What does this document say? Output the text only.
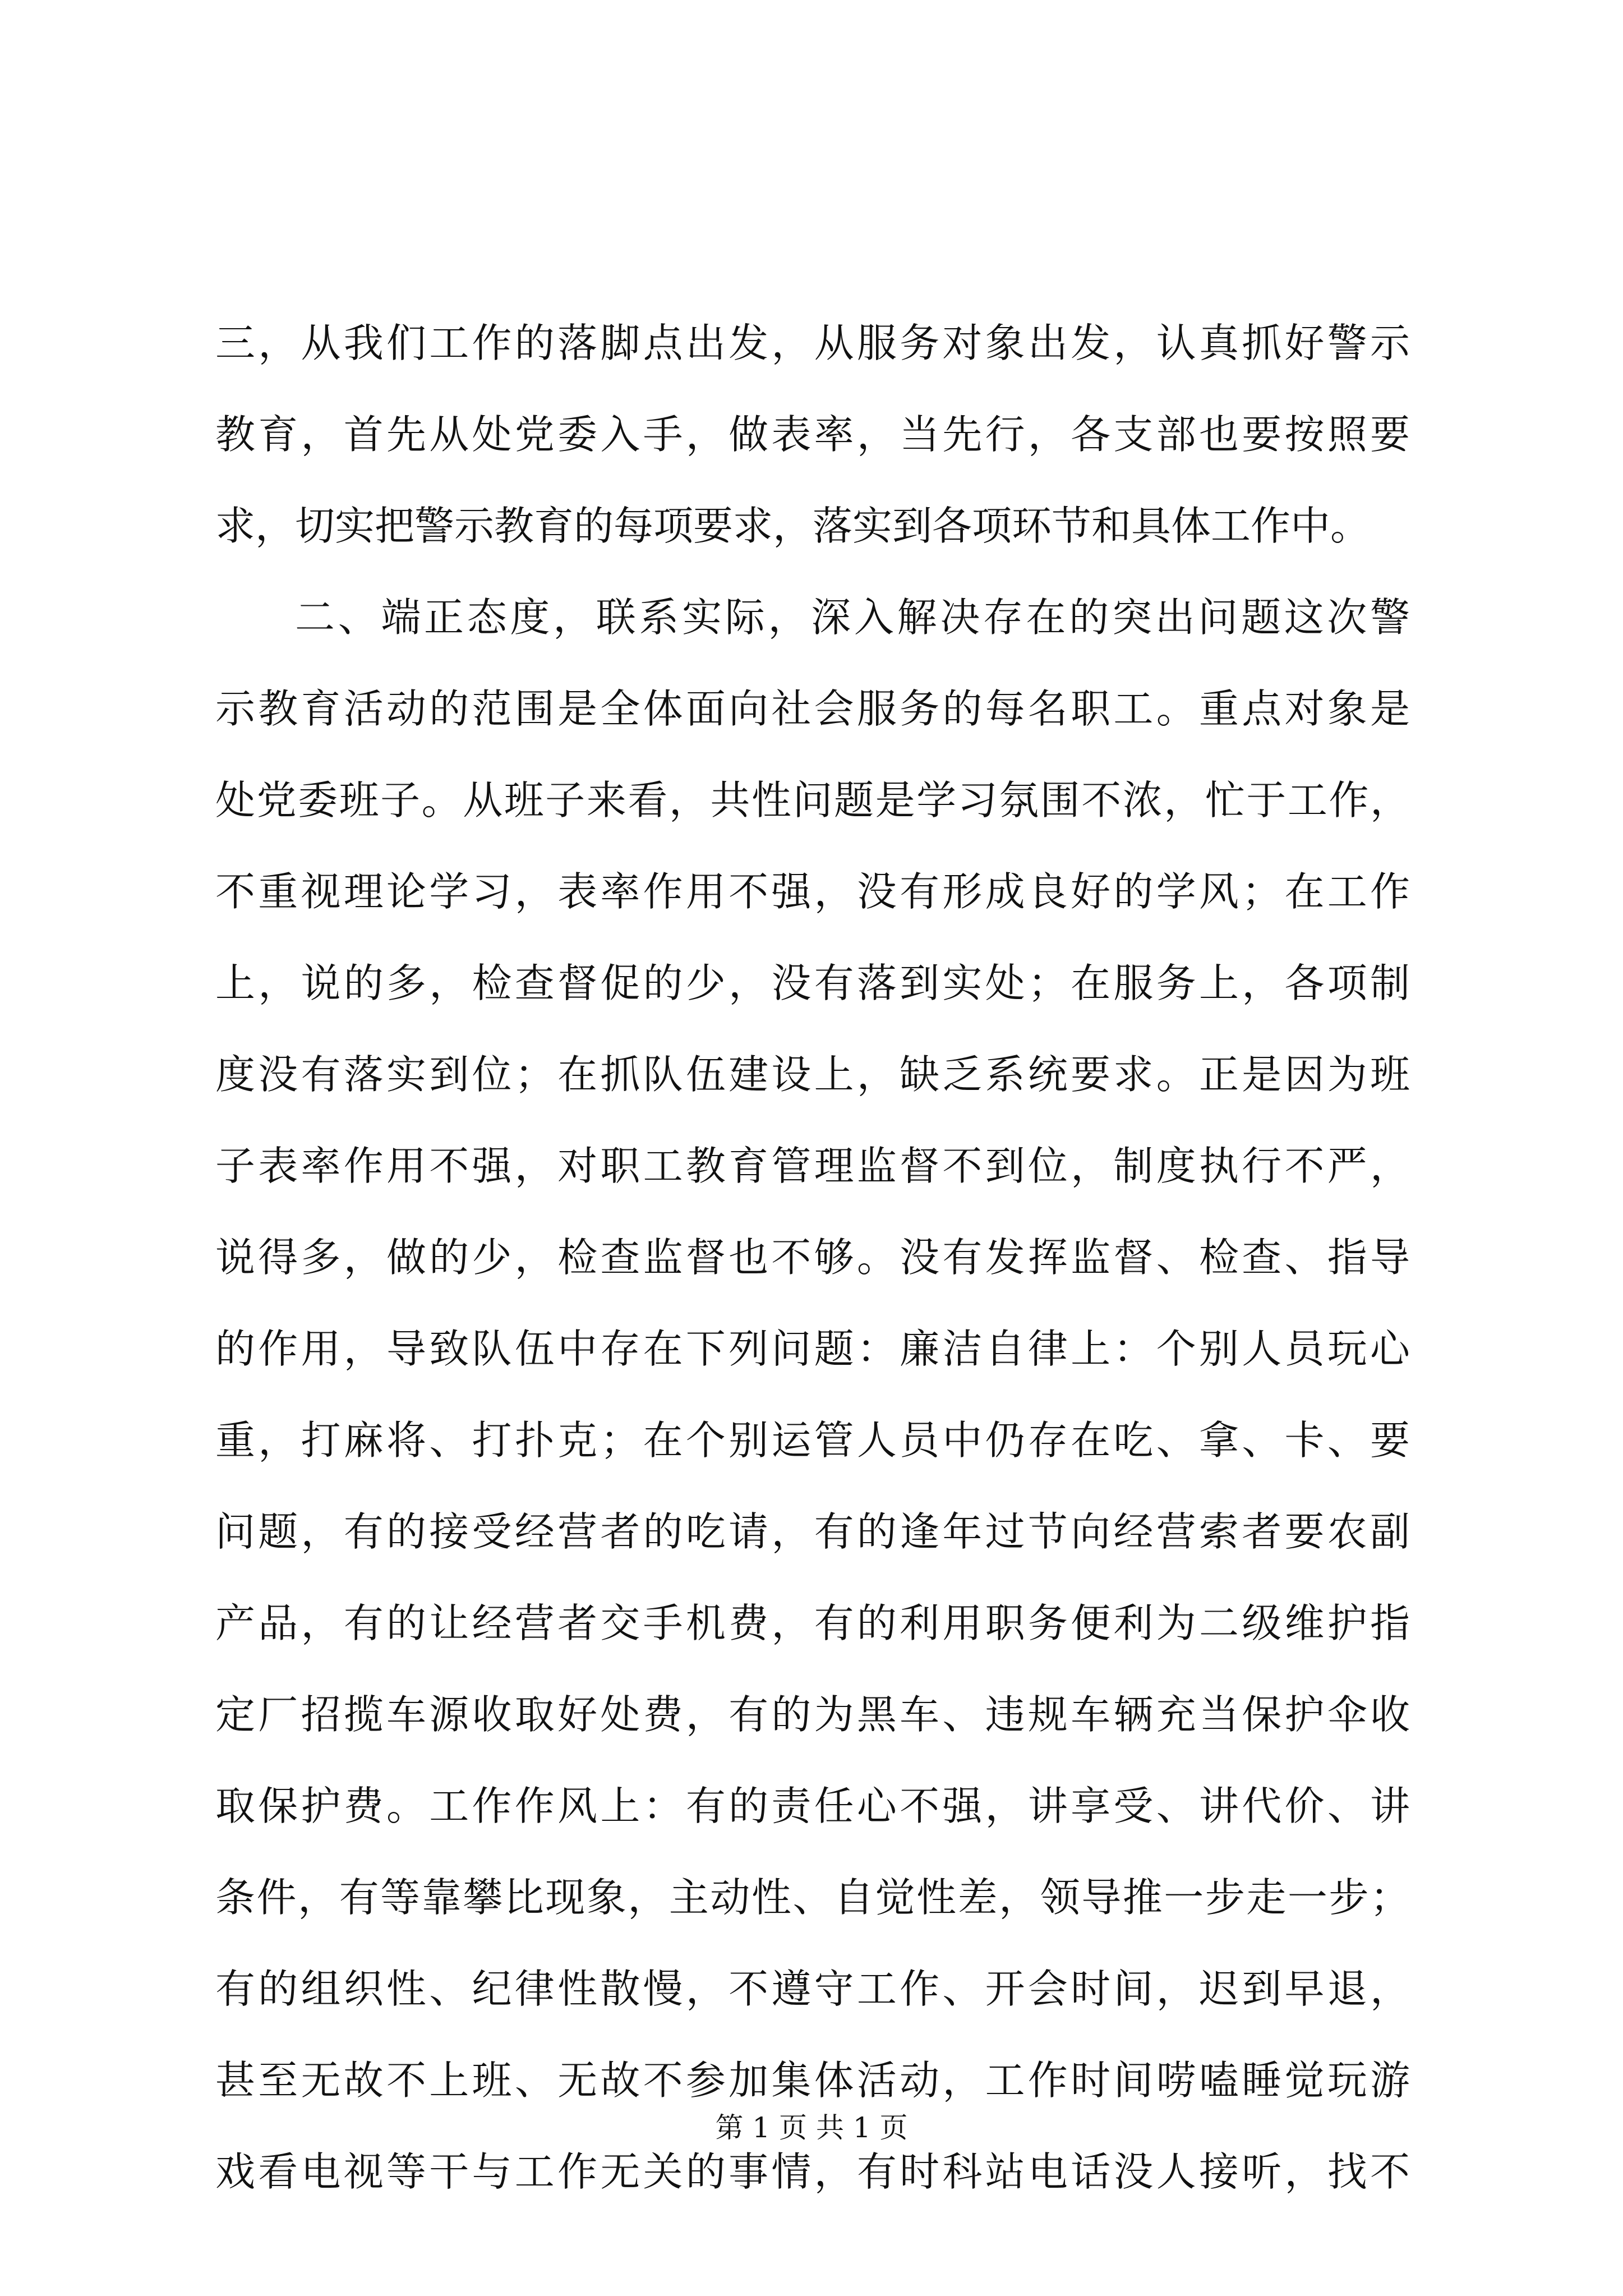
三，从我们工作的落脚点出发，从服务对象出发，认真抓好警示
教育，首先从处党委入手，做表率，当先行，各支部也要按照要
求，切实把警示教育的每项要求，落实到各项环节和具体工作中。
二、端正态度，联系实际，深入解决存在的突出问题这次警
示教育活动的范围是全体面向社会服务的每名职工。重点对象是
处党委班子。从班子来看，共性问题是学习氛围不浓，忙于工作，
不重视理论学习，表率作用不强，没有形成良好的学风；在工作
上，说的多，检查督促的少，没有落到实处；在服务上，各项制
度没有落实到位；在抓队伍建设上，缺乏系统要求。正是因为班
子表率作用不强，对职工教育管理监督不到位，制度执行不严，
说得多，做的少，检查监督也不够。没有发挥监督、检查、指导
的作用，导致队伍中存在下列问题：廉洁自律上：个别人员玩心
重，打麻将、打扑克；在个别运管人员中仍存在吃、拿、卡、要
问题，有的接受经营者的吃请，有的逢年过节向经营索者要农副
产品，有的让经营者交手机费，有的利用职务便利为二级维护指
定厂招揽车源收取好处费，有的为黑车、违规车辆充当保护伞收
取保护费。工作作风上：有的责任心不强，讲享受、讲代价、讲
条件，有等靠攀比现象，主动性、自觉性差，领导推一步走一步；
有的组织性、纪律性散慢，不遵守工作、开会时间，迟到早退，
甚至无故不上班、无故不参加集体活动，工作时间唠嗑睡觉玩游
戏看电视等干与工作无关的事情，有时科站电话没人接听，找不
第 1 页 共 1 页
